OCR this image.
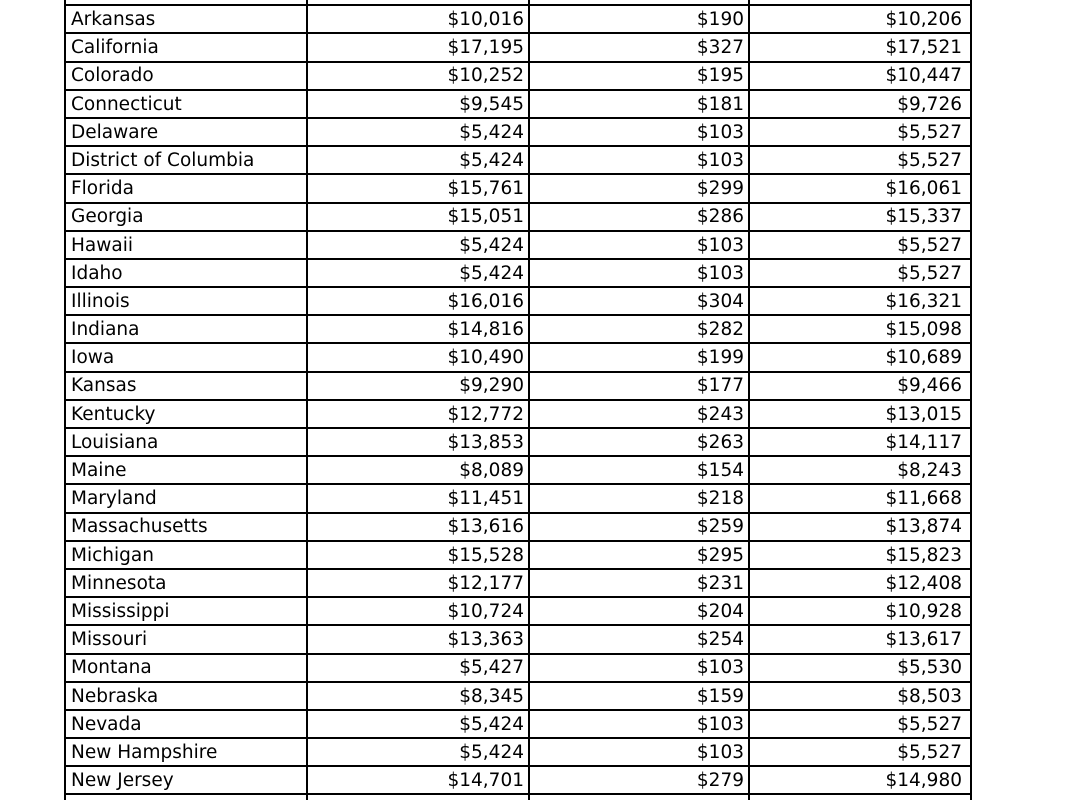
Arkansas	$10,016	$190	$10,206
California	$17,195	$327	$17,521
Colorado	$10,252	$195	$10,447
Connecticut	$9,545	$181	$9,726
Delaware	$5,424	$103	$5,527
District of Columbia	$5,424	$103	$5,527
Florida	$15,761	$299	$16,061
Georgia	$15,051	$286	$15,337
Hawaii	$5,424	$103	$5,527
Idaho	$5,424	$103	$5,527
Illinois	$16,016	$304	$16,321
Indiana	$14,816	$282	$15,098
Iowa	$10,490	$199	$10,689
Kansas	$9,290	$177	$9,466
Kentucky	$12,772	$243	$13,015
Louisiana	$13,853	$263	$14,117
Maine	$8,089	$154	$8,243
Maryland	$11,451	$218	$11,668
Massachusetts	$13,616	$259	$13,874
Michigan	$15,528	$295	$15,823
Minnesota	$12,177	$231	$12,408
Mississippi	$10,724	$204	$10,928
Missouri	$13,363	$254	$13,617
Montana	$5,427	$103	$5,530
Nebraska	$8,345	$159	$8,503
Nevada	$5,424	$103	$5,527
New Hampshire	$5,424	$103	$5,527
New Jersey	$14,701	$279	$14,980
